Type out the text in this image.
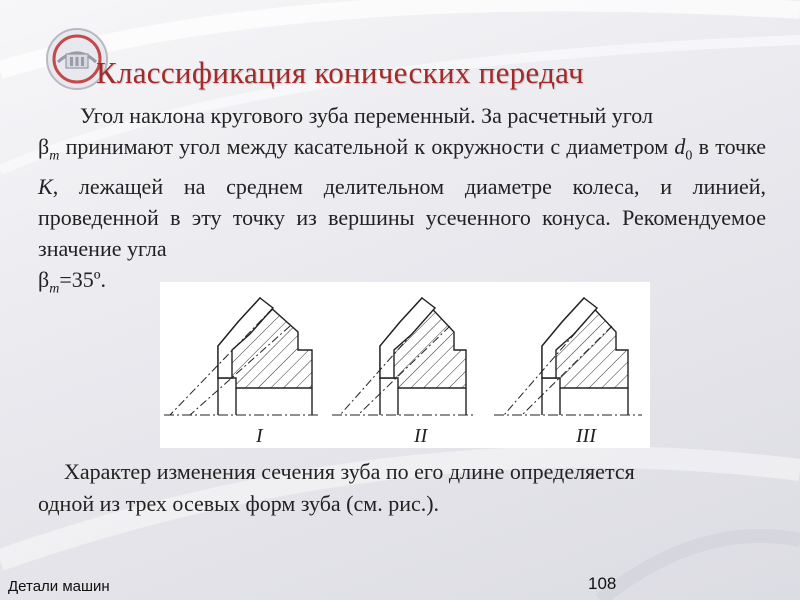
Классификация конических передач
Угол наклона кругового зуба переменный. За расчетный угол
$\beta_m$ принимают угол между касательной к окружности с диаметром $d_0$ в точке K, лежащей на среднем делительном диаметре колеса, и линией, проведенной в эту точку из вершины усеченного конуса. Рекомендуемое значение угла
$\beta_m=35º$.
I	II	III
Характер изменения сечения зуба по его длине определяется
одной из трех осевых форм зуба (см. рис.).
Детали машин	108
